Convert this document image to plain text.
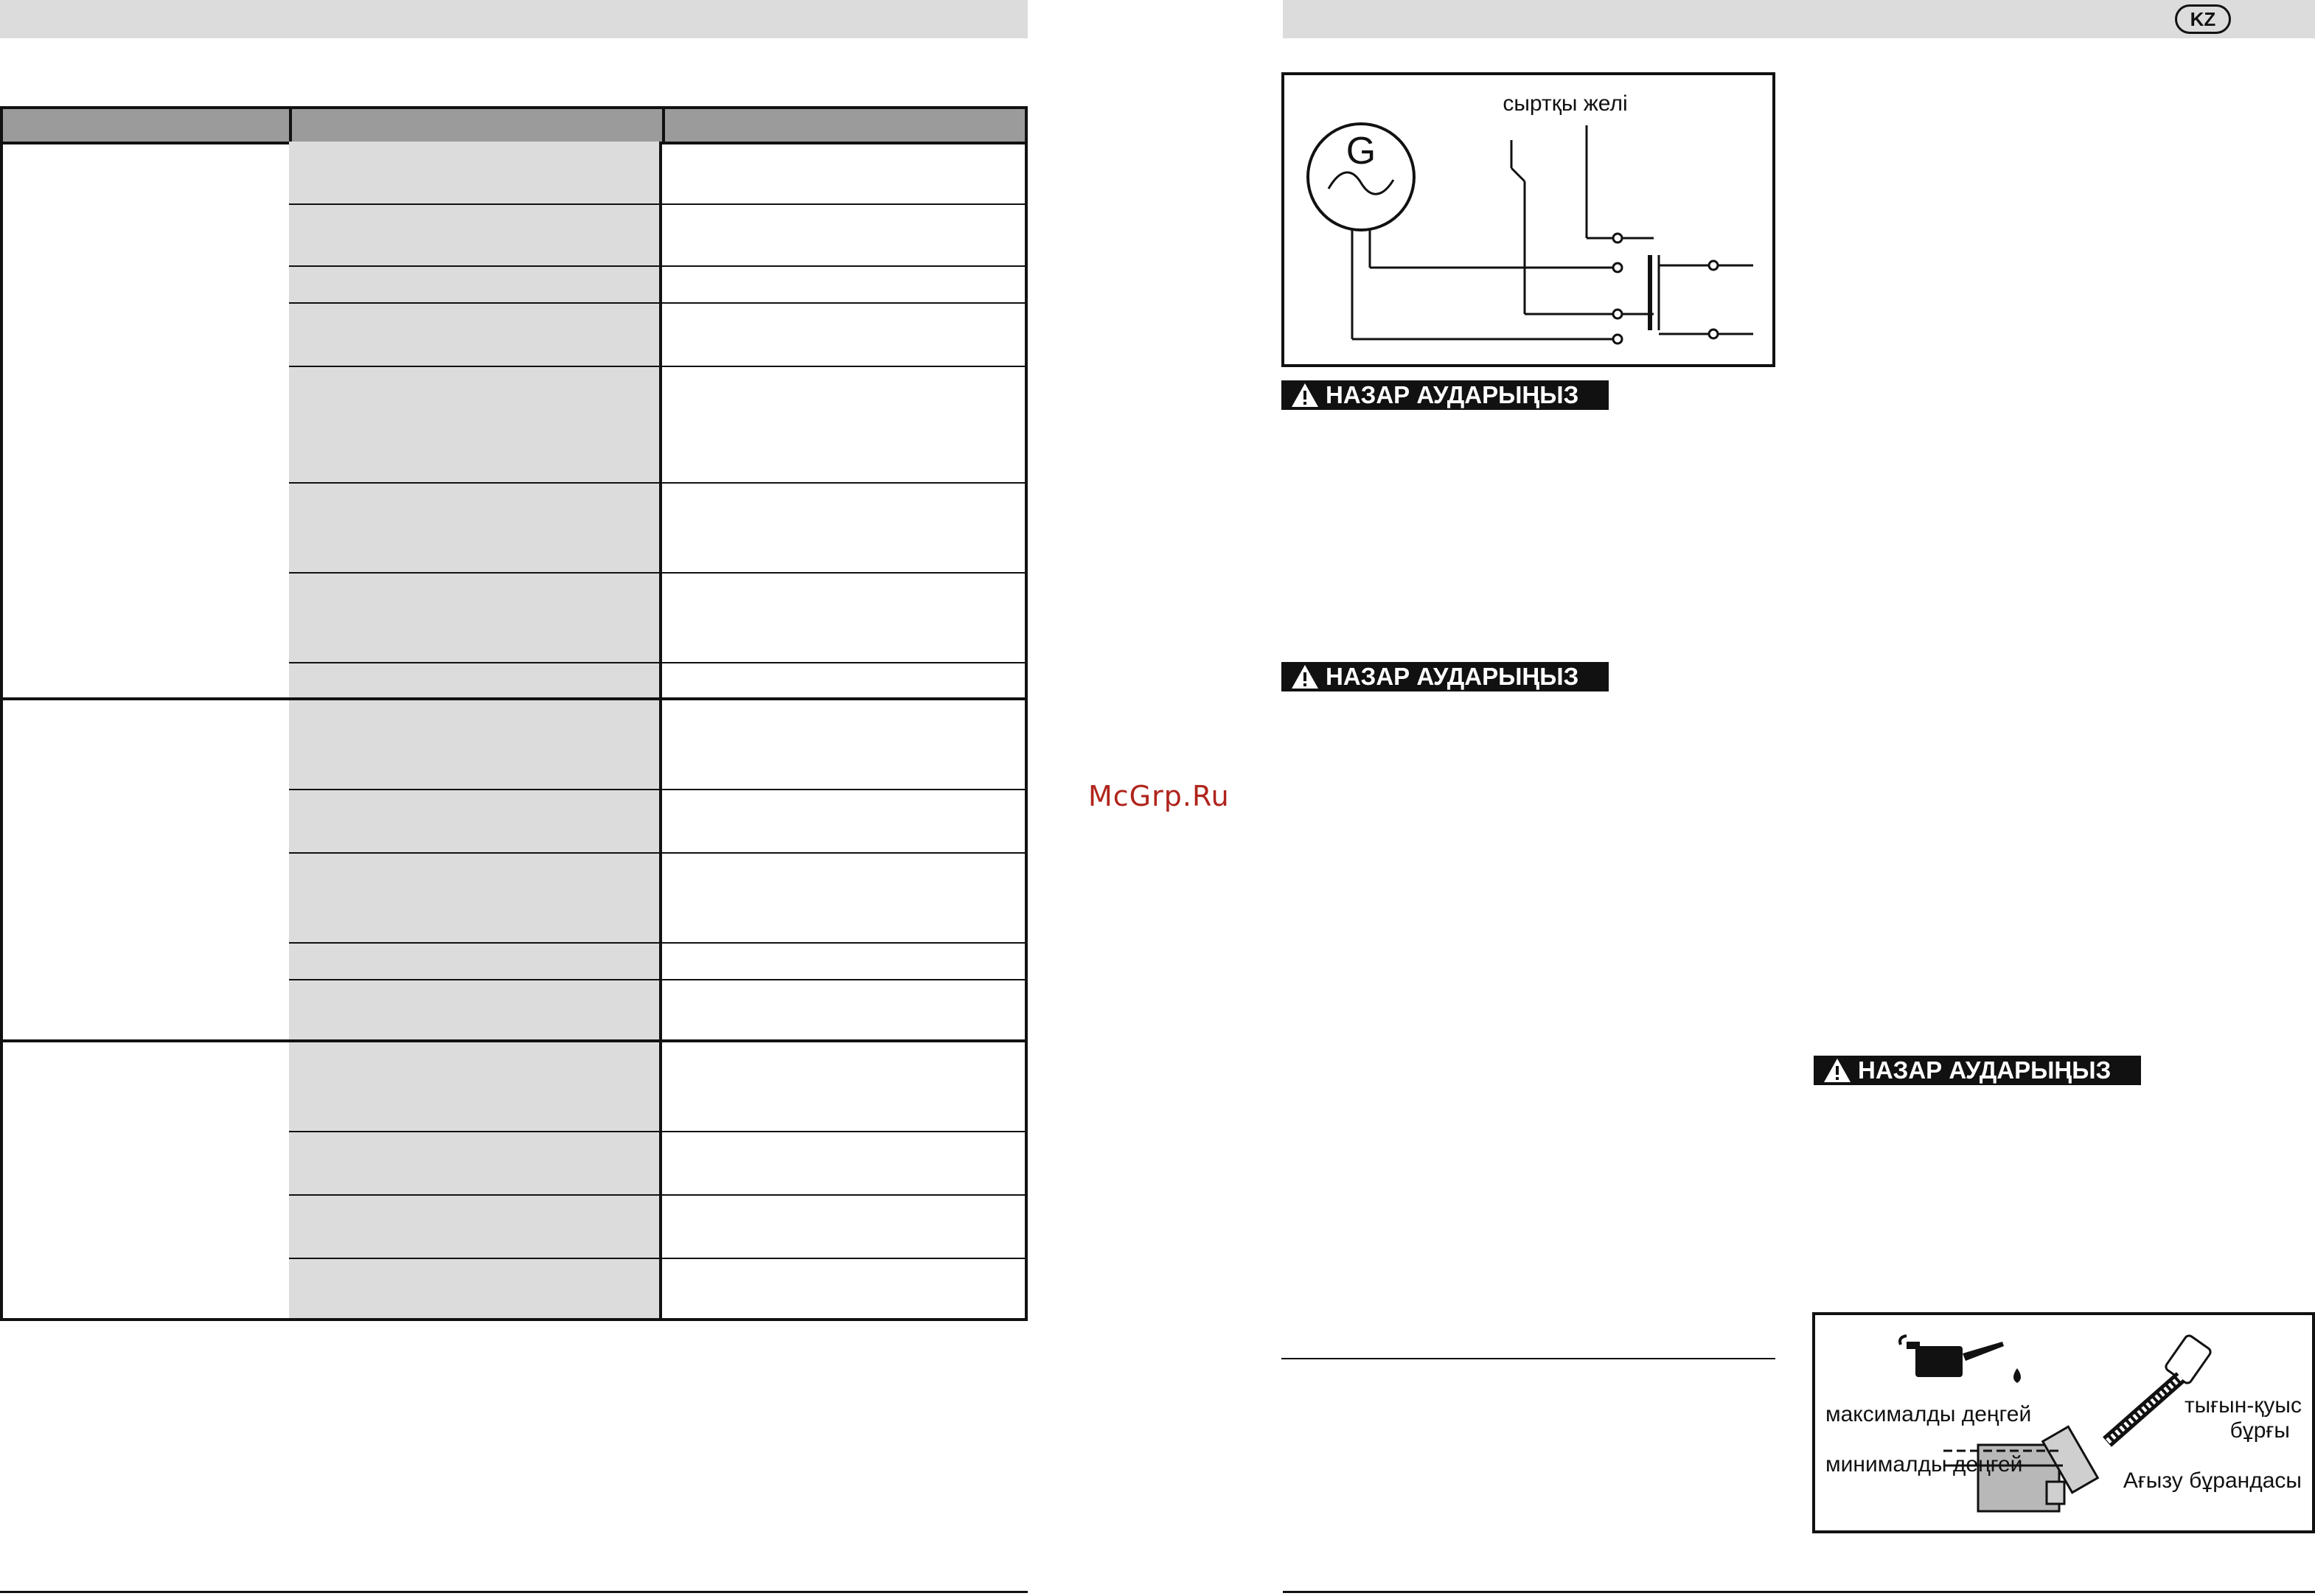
KZ
McGrp.Ru
G
сыртқы желі
НАЗАР АУДАРЫҢЫЗ
НАЗАР АУДАРЫҢЫЗ
НАЗАР АУДАРЫҢЫЗ
максималды деңгей
минималды деңгей
тығын-қуыс
бұрғы
Ағызу бұрандасы
